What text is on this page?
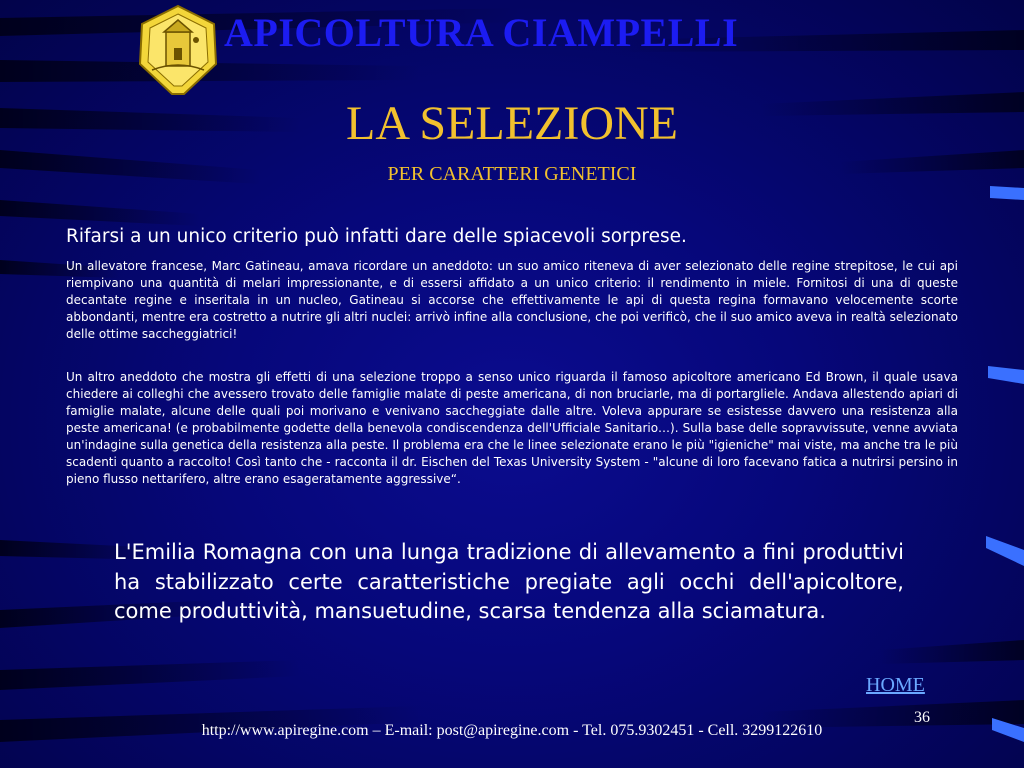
APICOLTURA CIAMPELLI
LA SELEZIONE
PER CARATTERI GENETICI
Rifarsi a un unico criterio può infatti dare delle spiacevoli sorprese.
Un allevatore francese, Marc Gatineau, amava ricordare un aneddoto: un suo amico riteneva di aver selezionato delle regine strepitose, le cui api riempivano una quantità di melari impressionante, e di essersi affidato a un unico criterio: il rendimento in miele. Fornitosi di una di queste decantate regine e inseritala in un nucleo, Gatineau si accorse che effettivamente le api di questa regina formavano velocemente scorte abbondanti, mentre era costretto a nutrire gli altri nuclei: arrivò infine alla conclusione, che poi verificò, che il suo amico aveva in realtà selezionato delle ottime saccheggiatrici!
Un altro aneddoto che mostra gli effetti di una selezione troppo a senso unico riguarda il famoso apicoltore americano Ed Brown, il quale usava chiedere ai colleghi che avessero trovato delle famiglie malate di peste americana, di non bruciarle, ma di portargliele. Andava allestendo apiari di famiglie malate, alcune delle quali poi morivano e venivano saccheggiate dalle altre. Voleva appurare se esistesse davvero una resistenza alla peste americana! (e probabilmente godette della benevola condiscendenza dell'Ufficiale Sanitario…). Sulla base delle sopravvissute, venne avviata un'indagine sulla genetica della resistenza alla peste. Il problema era che le linee selezionate erano le più "igieniche" mai viste, ma anche tra le più scadenti quanto a raccolto! Così tanto che - racconta il dr. Eischen del Texas University System - "alcune di loro facevano fatica a nutrirsi persino in pieno flusso nettarifero, altre erano esageratamente aggressive“.
L'Emilia Romagna con una lunga tradizione di allevamento a fini produttivi ha stabilizzato certe caratteristiche pregiate agli occhi dell'apicoltore, come produttività, mansuetudine, scarsa tendenza alla sciamatura.
HOME
36
http://www.apiregine.com – E-mail: post@apiregine.com - Tel. 075.9302451 - Cell. 3299122610
